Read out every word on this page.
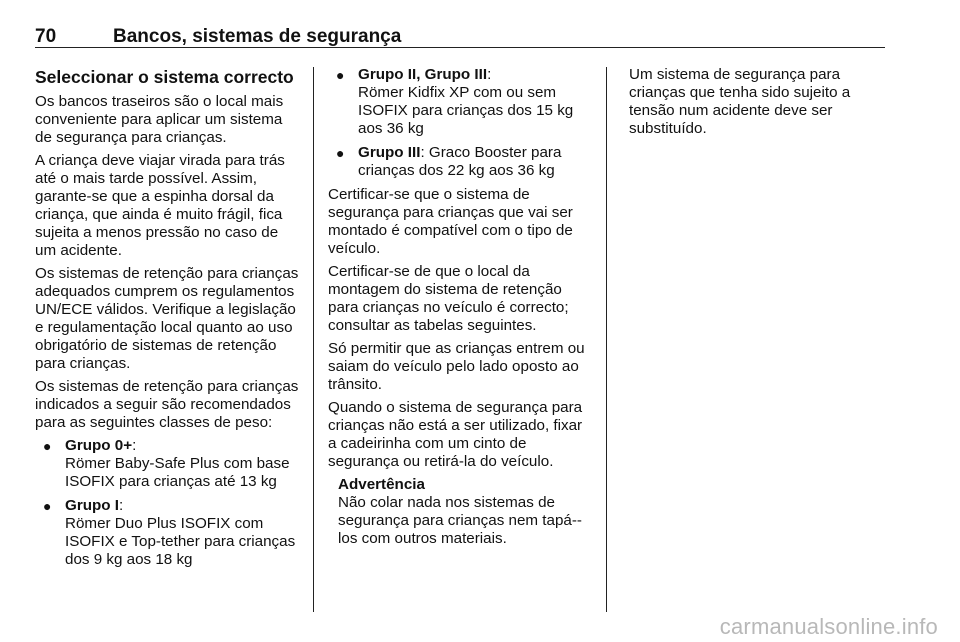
70	Bancos, sistemas de segurança
Seleccionar o sistema correcto

Os bancos traseiros são o local mais conveniente para aplicar um sistema de segurança para crianças.

A criança deve viajar virada para trás até o mais tarde possível. Assim, garante-se que a espinha dorsal da criança, que ainda é muito frágil, fica sujeita a menos pressão no caso de um acidente.

Os sistemas de retenção para crianças adequados cumprem os regulamentos UN/ECE válidos. Verifique a legislação e regulamentação local quanto ao uso obrigatório de sistemas de retenção para crianças.

Os sistemas de retenção para crianças indicados a seguir são recomendados para as seguintes classes de peso:

●
Grupo 0+:
Römer Baby-Safe Plus com base ISOFIX para crianças até 13 kg
●
Grupo I:
Römer Duo Plus ISOFIX com ISOFIX e Top-tether para crianças dos 9 kg aos 18 kg
●
Grupo II, Grupo III:
Römer Kidfix XP com ou sem ISOFIX para crianças dos 15 kg aos 36 kg
●
Grupo III: Graco Booster para crianças dos 22 kg aos 36 kg

Certificar-se que o sistema de segurança para crianças que vai ser montado é compatível com o tipo de veículo.

Certificar-se de que o local da montagem do sistema de retenção para crianças no veículo é correcto; consultar as tabelas seguintes.

Só permitir que as crianças entrem ou saiam do veículo pelo lado oposto ao trânsito.

Quando o sistema de segurança para crianças não está a ser utilizado, fixar a cadeirinha com um cinto de segurança ou retirá-la do veículo.

Advertência
Não colar nada nos sistemas de segurança para crianças nem tapá--los com outros materiais.

Um sistema de segurança para crianças que tenha sido sujeito a tensão num acidente deve ser substituído.

carmanualsonline.info
